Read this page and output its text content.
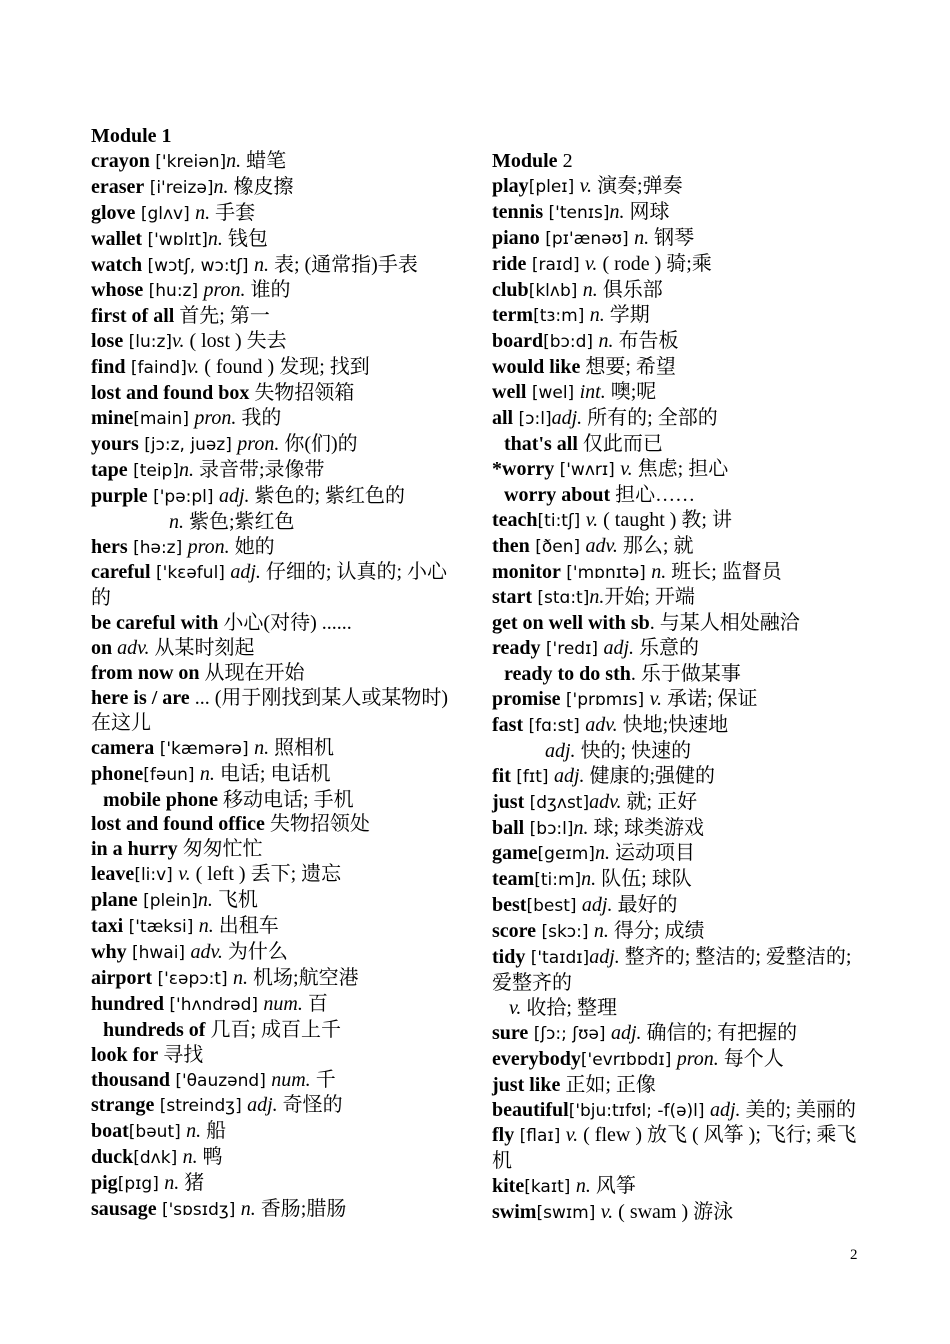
Module 1
crayon ['kreiən]n. 蜡笔
eraser [i'reizə]n. 橡皮擦
glove [glʌv] n. 手套
wallet ['wɒlɪt]n. 钱包
watch [wɔtʃ, wɔ:tʃ] n. 表; (通常指)手表
whose [hu:z] pron. 谁的
first of all 首先; 第一
lose [lu:z]v. ( lost ) 失去
find [faind]v. ( found ) 发现; 找到
lost and found box 失物招领箱
mine[main] pron. 我的
yours [jɔ:z, juəz] pron. 你(们)的
tape [teip]n. 录音带;录像带
purple ['pə:pl] adj. 紫色的; 紫红色的
n. 紫色;紫红色
hers [hə:z] pron. 她的
careful ['kɛəful] adj. 仔细的; 认真的; 小心的
be careful with 小心(对待) ......
on adv. 从某时刻起
from now on 从现在开始
here is / are ... (用于刚找到某人或某物时) 在这儿
camera ['kæmərə] n. 照相机
phone[fəun] n. 电话; 电话机
mobile phone 移动电话; 手机
lost and found office 失物招领处
in a hurry 匆匆忙忙
leave[li:v] v. ( left ) 丢下; 遗忘
plane [plein]n. 飞机
taxi ['tæksi] n. 出租车
why [hwai] adv. 为什么
airport ['ɛəpɔ:t] n. 机场;航空港
hundred ['hʌndrəd] num. 百
hundreds of 几百; 成百上千
look for 寻找
thousand ['θauzənd] num. 千
strange [streindʒ] adj. 奇怪的
boat[bəut] n. 船
duck[dʌk] n. 鸭
pig[pɪg] n. 猪
sausage ['sɒsɪdʒ] n. 香肠;腊肠
Module 2
play[pleɪ] v. 演奏;弹奏
tennis ['tenɪs]n. 网球
piano [pɪ'ænəʊ] n. 钢琴
ride [raɪd] v. ( rode ) 骑;乘
club[klʌb] n. 俱乐部
term[tɜ:m] n. 学期
board[bɔ:d] n. 布告板
would like 想要; 希望
well [wel] int. 噢;呢
all [ɔ:l]adj. 所有的; 全部的
that's all 仅此而已
*worry ['wʌrɪ] v. 焦虑; 担心
worry about 担心……
teach[ti:tʃ] v. ( taught ) 教; 讲
then [ðen] adv. 那么; 就
monitor ['mɒnɪtə] n. 班长; 监督员
start [stɑ:t]n.开始; 开端
get on well with sb. 与某人相处融洽
ready ['redɪ] adj. 乐意的
ready to do sth. 乐于做某事
promise ['prɒmɪs] v. 承诺; 保证
fast [fɑ:st] adv. 快地;快速地
adj. 快的; 快速的
fit [fɪt] adj. 健康的;强健的
just [dʒʌst]adv. 就; 正好
ball [bɔ:l]n. 球; 球类游戏
game[geɪm]n. 运动项目
team[ti:m]n. 队伍; 球队
best[best] adj. 最好的
score [skɔ:] n. 得分; 成绩
tidy ['taɪdɪ]adj. 整齐的; 整洁的; 爱整洁的;爱整齐的
v. 收拾; 整理
sure [ʃɔ:; ʃʊə] adj. 确信的; 有把握的
everybody['evrɪbɒdɪ] pron. 每个人
just like 正如; 正像
beautiful['bju:tɪfʊl; -f(ə)l] adj. 美的; 美丽的
fly [flaɪ] v. ( flew ) 放飞 ( 风筝 ); 飞行; 乘飞机
kite[kaɪt] n. 风筝
swim[swɪm] v. ( swam ) 游泳
2
